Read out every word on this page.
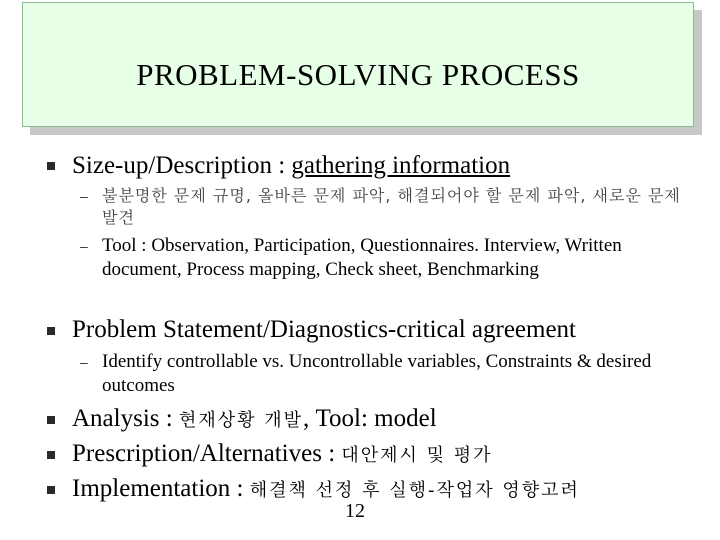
PROBLEM-SOLVING PROCESS
Size-up/Description : gathering information
– 불분명한 문제 규명, 올바른 문제 파악, 해결되어야 할 문제 파악, 새로운 문제 발견
– Tool : Observation, Participation, Questionnaires. Interview, Written document, Process mapping, Check sheet, Benchmarking
Problem Statement/Diagnostics-critical agreement
– Identify controllable vs. Uncontrollable variables, Constraints & desired outcomes
Analysis : 현재상황 개발, Tool: model
Prescription/Alternatives : 대안제시 및 평가
Implementation : 해결책 선정 후 실행-작업자 영향고려
12
